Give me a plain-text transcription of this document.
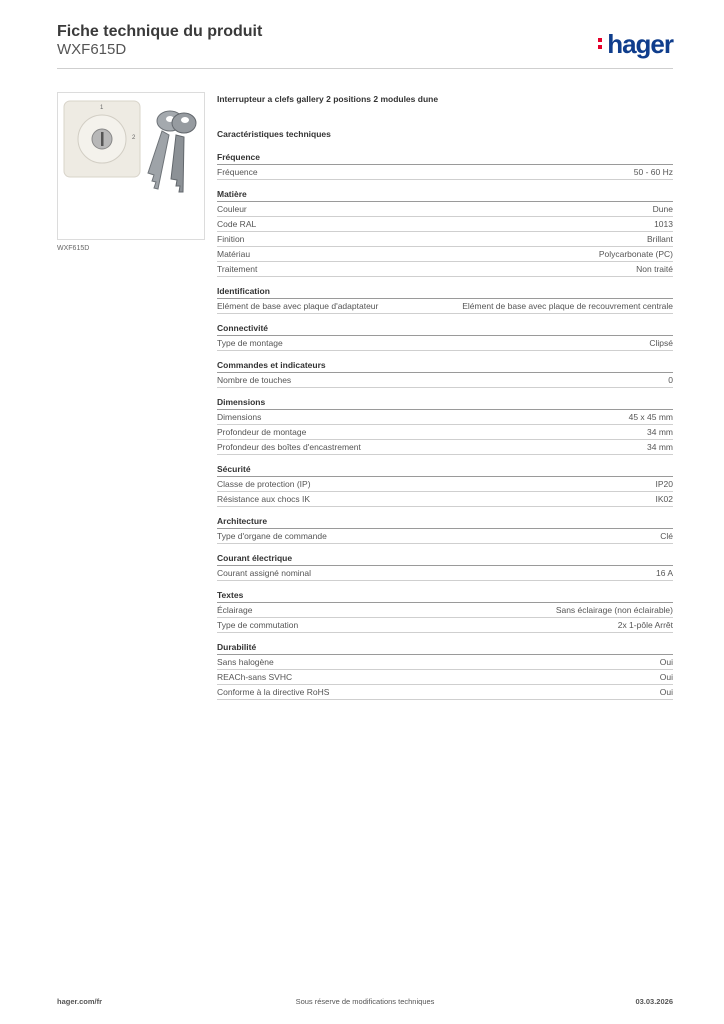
Fiche technique du produit
WXF615D	hager
1
2
WXF615D
Interrupteur a clefs gallery 2 positions 2 modules dune
Caractéristiques techniques
Fréquence
Fréquence	50 - 60 Hz
Matière
Couleur	Dune
Code RAL	1013
Finition	Brillant
Matériau	Polycarbonate (PC)
Traitement	Non traité
Identification
Elément de base avec plaque d'adaptateur	Elément de base avec plaque de recouvrement centrale
Connectivité
Type de montage	Clipsé
Commandes et indicateurs
Nombre de touches	0
Dimensions
Dimensions	45 x 45 mm
Profondeur de montage	34 mm
Profondeur des boîtes d'encastrement	34 mm
Sécurité
Classe de protection (IP)	IP20
Résistance aux chocs IK	IK02
Architecture
Type d'organe de commande	Clé
Courant électrique
Courant assigné nominal	16 A
Textes
Éclairage	Sans éclairage (non éclairable)
Type de commutation	2x 1-pôle Arrêt
Durabilité
Sans halogène	Oui
REACh-sans SVHC	Oui
Conforme à la directive RoHS	Oui
hager.com/fr	Sous réserve de modifications techniques	03.03.2026
